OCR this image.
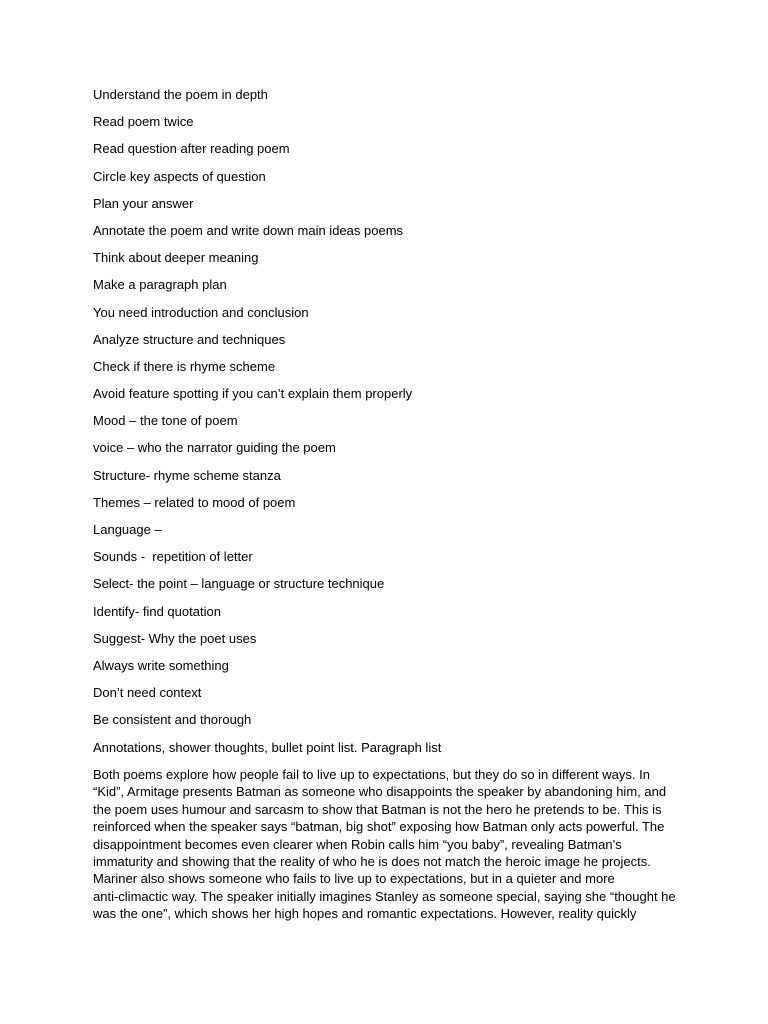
Understand the poem in depth
Read poem twice
Read question after reading poem
Circle key aspects of question
Plan your answer
Annotate the poem and write down main ideas poems
Think about deeper meaning
Make a paragraph plan
You need introduction and conclusion
Analyze structure and techniques
Check if there is rhyme scheme
Avoid feature spotting if you can’t explain them properly
Mood – the tone of poem
voice – who the narrator guiding the poem
Structure- rhyme scheme stanza
Themes – related to mood of poem
Language –
Sounds -  repetition of letter
Select- the point – language or structure technique
Identify- find quotation
Suggest- Why the poet uses
Always write something
Don’t need context
Be consistent and thorough
Annotations, shower thoughts, bullet point list. Paragraph list

Both poems explore how people fail to live up to expectations, but they do so in different ways. In
“Kid”, Armitage presents Batman as someone who disappoints the speaker by abandoning him, and
the poem uses humour and sarcasm to show that Batman is not the hero he pretends to be. This is
reinforced when the speaker says “batman, big shot” exposing how Batman only acts powerful. The
disappointment becomes even clearer when Robin calls him “you baby”, revealing Batman’s
immaturity and showing that the reality of who he is does not match the heroic image he projects.
Mariner also shows someone who fails to live up to expectations, but in a quieter and more
anti-climactic way. The speaker initially imagines Stanley as someone special, saying she “thought he
was the one”, which shows her high hopes and romantic expectations. However, reality quickly
